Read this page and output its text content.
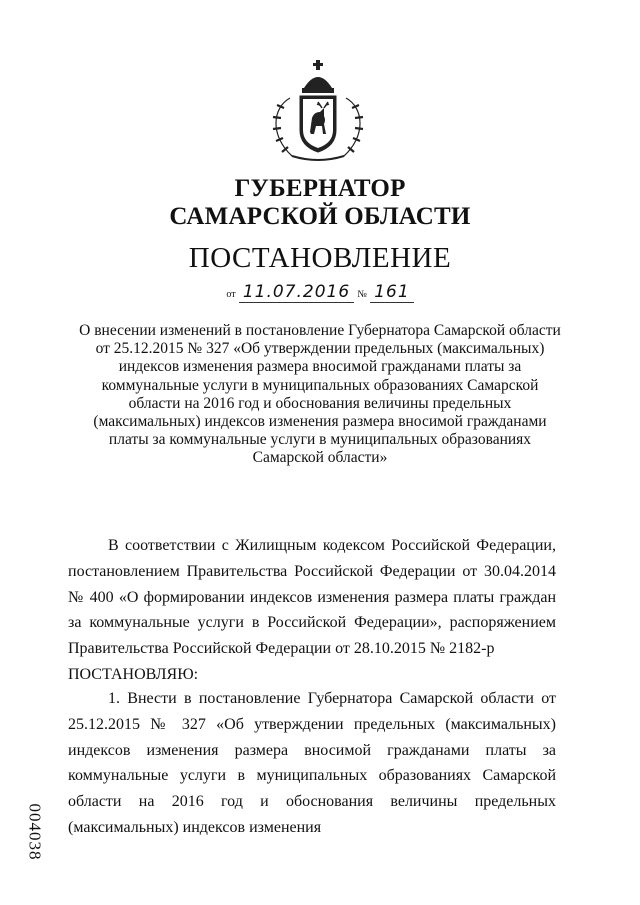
ГУБЕРНАТОР
САМАРСКОЙ ОБЛАСТИ
ПОСТАНОВЛЕНИЕ
от 11.07.2016 № 161
О внесении изменений в постановление Губернатора Самарской области от 25.12.2015 № 327 «Об утверждении предельных (максимальных) индексов изменения размера вносимой гражданами платы за коммунальные услуги в муниципальных образованиях Самарской области на 2016 год и обоснования величины предельных (максимальных) индексов изменения размера вносимой гражданами платы за коммунальные услуги в муниципальных образованиях Самарской области»

В соответствии с Жилищным кодексом Российской Федерации, постановлением Правительства Российской Федерации от 30.04.2014 № 400 «О формировании индексов изменения размера платы граждан за коммунальные услуги в Российской Федерации», распоряжением Правительства Российской Федерации от 28.10.2015 № 2182-р

ПОСТАНОВЛЯЮ:

1. Внести в постановление Губернатора Самарской области от 25.12.2015 № 327 «Об утверждении предельных (максимальных) индексов изменения размера вносимой гражданами платы за коммунальные услуги в муниципальных образованиях Самарской области на 2016 год и обоснования величины предельных (максимальных) индексов изменения

004038
